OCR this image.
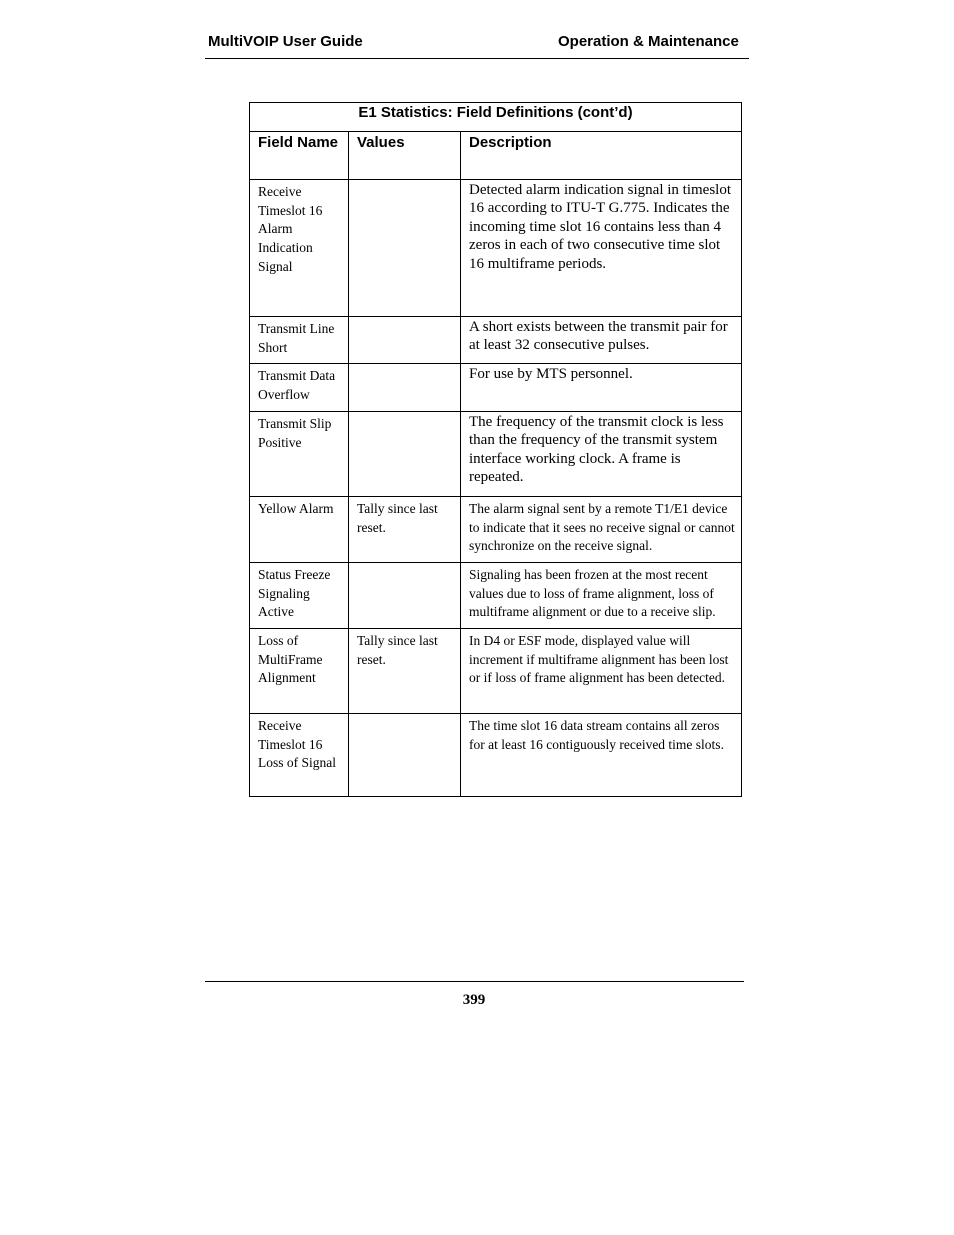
MultiVOIP User Guide	Operation & Maintenance
E1 Statistics: Field Definitions (cont’d)		
Field Name	Values	Description
Receive Timeslot 16 Alarm Indication Signal		Detected alarm indication signal in timeslot 16 according to ITU-T G.775. Indicates the incoming time slot 16 contains less than 4 zeros in each of two consecutive time slot 16 multiframe periods.
Transmit Line Short		A short exists between the transmit pair for at least 32 consecutive pulses.
Transmit Data Overflow		For use by MTS personnel.
Transmit Slip Positive		The frequency of the transmit clock is less than the frequency of the transmit system interface working clock. A frame is repeated.
Yellow Alarm	Tally since last reset.	The alarm signal sent by a remote T1/E1 device to indicate that it sees no receive signal or cannot synchronize on the receive signal.
Status Freeze Signaling Active		Signaling has been frozen at the most recent values due to loss of frame alignment, loss of multiframe alignment or due to a receive slip.
Loss of MultiFrame Alignment	Tally since last reset.	In D4 or ESF mode, displayed value will increment if multiframe alignment has been lost or if loss of frame alignment has been detected.
Receive Timeslot 16 Loss of Signal		The time slot 16 data stream contains all zeros for at least 16 contiguously received time slots.
399
